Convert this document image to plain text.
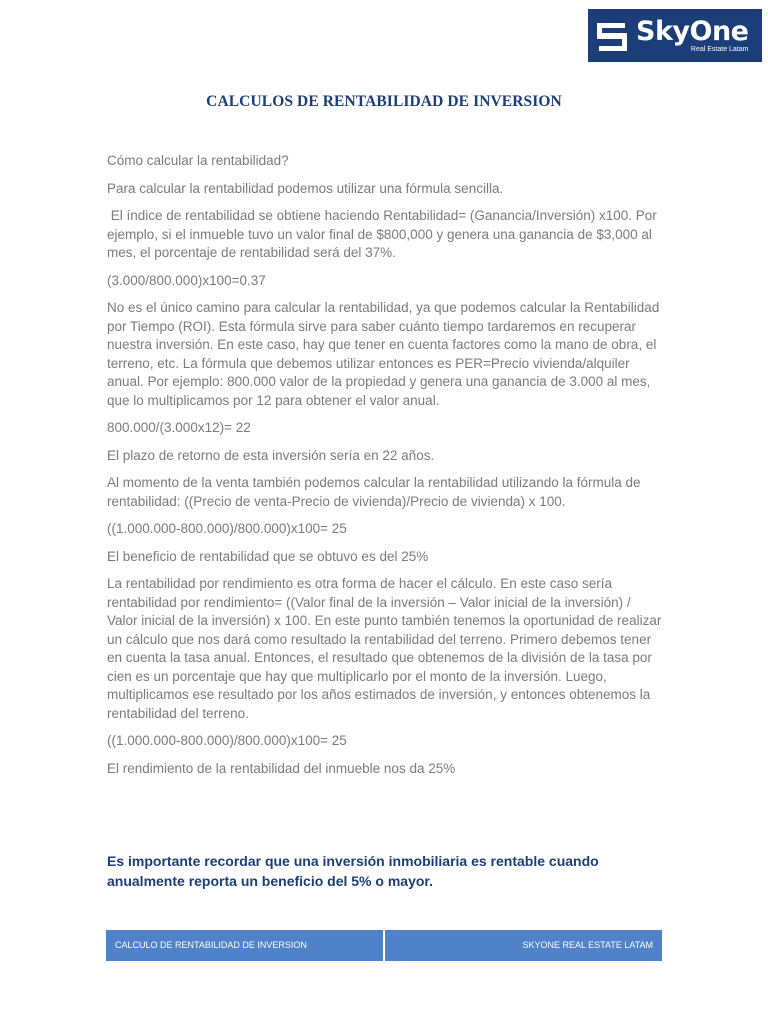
SkyOne
Real Estate Latam
CALCULOS DE RENTABILIDAD DE INVERSION

Cómo calcular la rentabilidad?

Para calcular la rentabilidad podemos utilizar una fórmula sencilla.

El índice de rentabilidad se obtiene haciendo Rentabilidad= (Ganancia/Inversión) x100. Por ejemplo, si el inmueble tuvo un valor final de $800,000 y genera una ganancia de $3,000 al mes, el porcentaje de rentabilidad será del 37%.

(3.000/800.000)x100=0.37

No es el único camino para calcular la rentabilidad, ya que podemos calcular la Rentabilidad por Tiempo (ROI). Esta fórmula sirve para saber cuánto tiempo tardaremos en recuperar nuestra inversión. En este caso, hay que tener en cuenta factores como la mano de obra, el terreno, etc. La fórmula que debemos utilizar entonces es PER=Precio vivienda/alquiler anual. Por ejemplo: 800.000 valor de la propiedad y genera una ganancia de 3.000 al mes, que lo multiplicamos por 12 para obtener el valor anual.

800.000/(3.000x12)= 22

El plazo de retorno de esta inversión sería en 22 años.

Al momento de la venta también podemos calcular la rentabilidad utilizando la fórmula de rentabilidad: ((Precio de venta-Precio de vivienda)/Precio de vivienda) x 100.

((1.000.000-800.000)/800.000)x100= 25

El beneficio de rentabilidad que se obtuvo es del 25%

La rentabilidad por rendimiento es otra forma de hacer el cálculo. En este caso sería rentabilidad por rendimiento= ((Valor final de la inversión – Valor inicial de la inversión) / Valor inicial de la inversión) x 100. En este punto también tenemos la oportunidad de realizar un cálculo que nos dará como resultado la rentabilidad del terreno. Primero debemos tener en cuenta la tasa anual. Entonces, el resultado que obtenemos de la división de la tasa por cien es un porcentaje que hay que multiplicarlo por el monto de la inversión. Luego, multiplicamos ese resultado por los años estimados de inversión, y entonces obtenemos la rentabilidad del terreno.

((1.000.000-800.000)/800.000)x100= 25

El rendimiento de la rentabilidad del inmueble nos da 25%

Es importante recordar que una inversión inmobiliaria es rentable cuando anualmente reporta un beneficio del 5% o mayor.

CALCULO DE RENTABILIDAD DE INVERSION	SKYONE REAL ESTATE LATAM
